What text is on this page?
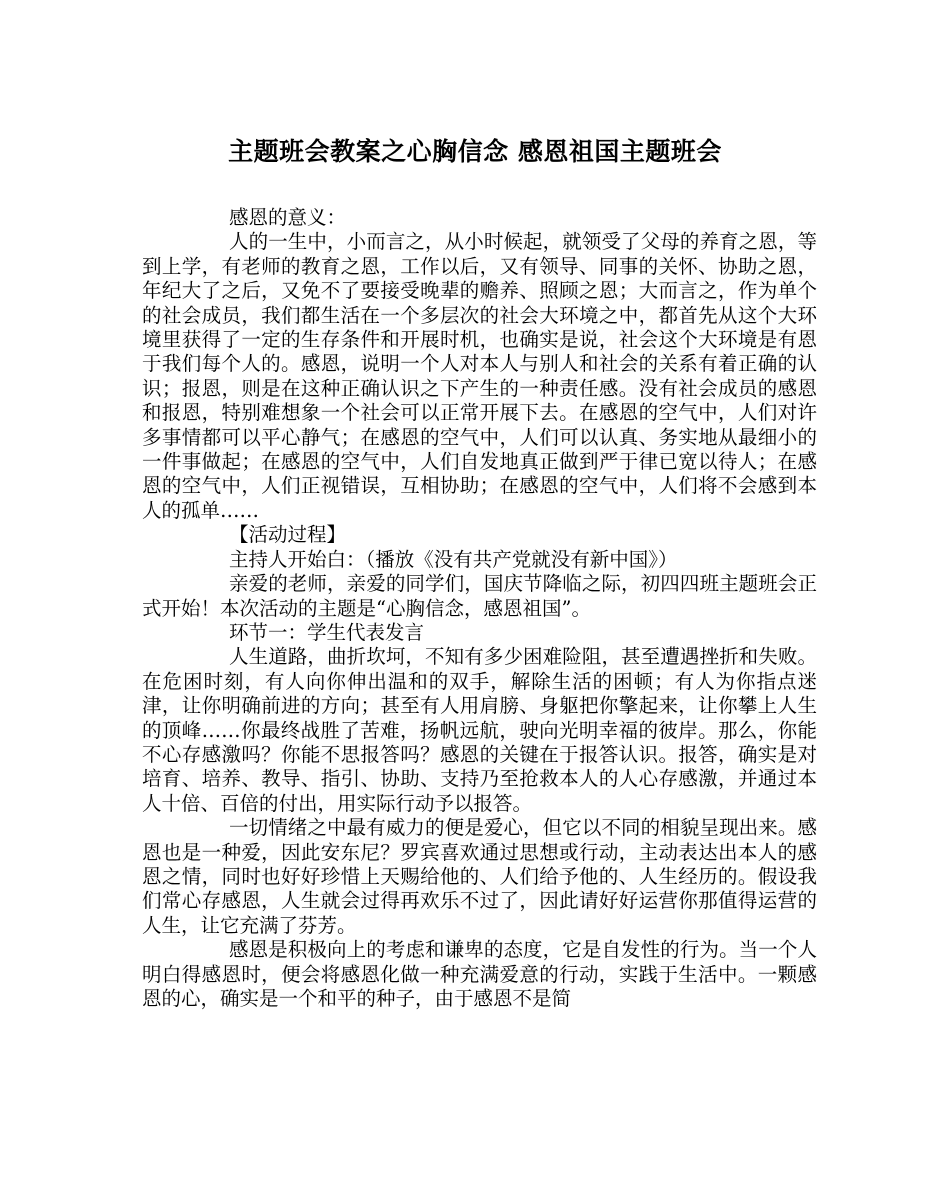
主题班会教案之心胸信念 感恩祖国主题班会

感恩的意义：

人的一生中，小而言之，从小时候起，就领受了父母的养育之恩，等到上学，有老师的教育之恩，工作以后，又有领导、同事的关怀、协助之恩，年纪大了之后，又免不了要接受晚辈的赡养、照顾之恩；大而言之，作为单个的社会成员，我们都生活在一个多层次的社会大环境之中，都首先从这个大环境里获得了一定的生存条件和开展时机，也确实是说，社会这个大环境是有恩于我们每个人的。感恩，说明一个人对本人与别人和社会的关系有着正确的认识；报恩，则是在这种正确认识之下产生的一种责任感。没有社会成员的感恩和报恩，特别难想象一个社会可以正常开展下去。在感恩的空气中，人们对许多事情都可以平心静气；在感恩的空气中，人们可以认真、务实地从最细小的一件事做起；在感恩的空气中，人们自发地真正做到严于律已宽以待人；在感恩的空气中，人们正视错误，互相协助；在感恩的空气中，人们将不会感到本人的孤单……

【活动过程】

主持人开始白：（播放《没有共产党就没有新中国》）

亲爱的老师，亲爱的同学们，国庆节降临之际，初四四班主题班会正式开始！本次活动的主题是“心胸信念，感恩祖国”。

环节一：学生代表发言

人生道路，曲折坎坷，不知有多少困难险阻，甚至遭遇挫折和失败。在危困时刻，有人向你伸出温和的双手，解除生活的困顿；有人为你指点迷津，让你明确前进的方向；甚至有人用肩膀、身躯把你擎起来，让你攀上人生的顶峰……你最终战胜了苦难，扬帆远航，驶向光明幸福的彼岸。那么，你能不心存感激吗？你能不思报答吗？感恩的关键在于报答认识。报答，确实是对培育、培养、教导、指引、协助、支持乃至抢救本人的人心存感激，并通过本人十倍、百倍的付出，用实际行动予以报答。

一切情绪之中最有威力的便是爱心，但它以不同的相貌呈现出来。感恩也是一种爱，因此安东尼？罗宾喜欢通过思想或行动，主动表达出本人的感恩之情，同时也好好珍惜上天赐给他的、人们给予他的、人生经历的。假设我们常心存感恩，人生就会过得再欢乐不过了，因此请好好运营你那值得运营的人生，让它充满了芬芳。

感恩是积极向上的考虑和谦卑的态度，它是自发性的行为。当一个人明白得感恩时，便会将感恩化做一种充满爱意的行动，实践于生活中。一颗感恩的心，确实是一个和平的种子，由于感恩不是简
